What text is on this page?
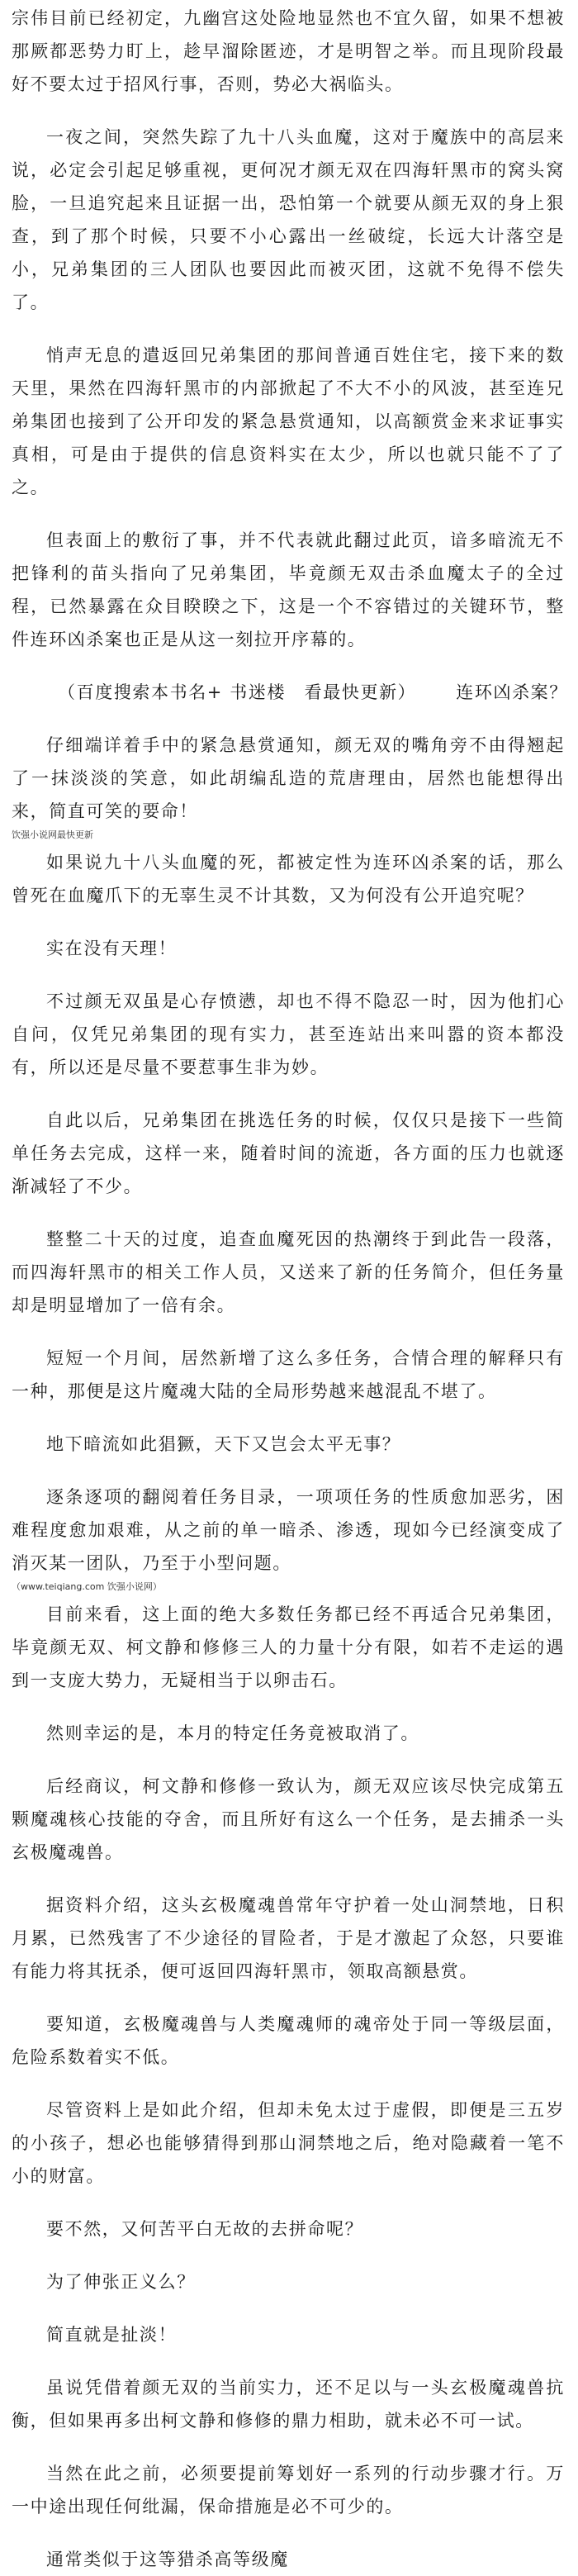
宗伟目前已经初定，九幽宫这处险地显然也不宜久留，如果不想被那厥都恶势力盯上，趁早溜除匿迹，才是明智之举。而且现阶段最好不要太过于招风行事，否则，势必大祸临头。

一夜之间，突然失踪了九十八头血魔，这对于魔族中的高层来说，必定会引起足够重视，更何况才颜无双在四海轩黑市的窝头窝脸，一旦追究起来且证据一出，恐怕第一个就要从颜无双的身上狠查，到了那个时候，只要不小心露出一丝破绽，长远大计落空是小，兄弟集团的三人团队也要因此而被灭团，这就不免得不偿失了。

悄声无息的遣返回兄弟集团的那间普通百姓住宅，接下来的数天里，果然在四海轩黑市的内部掀起了不大不小的风波，甚至连兄弟集团也接到了公开印发的紧急悬赏通知，以高额赏金来求证事实真相，可是由于提供的信息资料实在太少，所以也就只能不了了之。

但表面上的敷衍了事，并不代表就此翻过此页，谙多暗流无不把锋利的苗头指向了兄弟集团，毕竟颜无双击杀血魔太子的全过程，已然暴露在众目睽睽之下，这是一个不容错过的关键环节，整件连环凶杀案也正是从这一刻拉开序幕的。

（百度搜索本书名+ 书迷楼　看最快更新） 连环凶杀案？

仔细端详着手中的紧急悬赏通知，颜无双的嘴角旁不由得翘起了一抹淡淡的笑意，如此胡编乱造的荒唐理由，居然也能想得出来，简直可笑的要命！

饮强小说网最快更新

如果说九十八头血魔的死，都被定性为连环凶杀案的话，那么曾死在血魔爪下的无辜生灵不计其数，又为何没有公开追究呢？

实在没有天理！

不过颜无双虽是心存愤懑，却也不得不隐忍一时，因为他扪心自问，仅凭兄弟集团的现有实力，甚至连站出来叫嚣的资本都没有，所以还是尽量不要惹事生非为妙。

自此以后，兄弟集团在挑选任务的时候，仅仅只是接下一些简单任务去完成，这样一来，随着时间的流逝，各方面的压力也就逐渐减轻了不少。

整整二十天的过度，追查血魔死因的热潮终于到此告一段落，而四海轩黑市的相关工作人员，又送来了新的任务简介，但任务量却是明显增加了一倍有余。

短短一个月间，居然新增了这么多任务，合情合理的解释只有一种，那便是这片魔魂大陆的全局形势越来越混乱不堪了。

地下暗流如此猖獗，天下又岂会太平无事？

逐条逐项的翻阅着任务目录，一项项任务的性质愈加恶劣，困难程度愈加艰难，从之前的单一暗杀、渗透，现如今已经演变成了消灭某一团队，乃至于小型问题。

（www.teiqiang.com 饮强小说网）

目前来看，这上面的绝大多数任务都已经不再适合兄弟集团，毕竟颜无双、柯文静和修修三人的力量十分有限，如若不走运的遇到一支庞大势力，无疑相当于以卵击石。

然则幸运的是，本月的特定任务竟被取消了。

后经商议，柯文静和修修一致认为，颜无双应该尽快完成第五颗魔魂核心技能的夺舍，而且所好有这么一个任务，是去捕杀一头玄极魔魂兽。

据资料介绍，这头玄极魔魂兽常年守护着一处山洞禁地，日积月累，已然残害了不少途径的冒险者，于是才激起了众怒，只要谁有能力将其抚杀，便可返回四海轩黑市，领取高额悬赏。

要知道，玄极魔魂兽与人类魔魂师的魂帝处于同一等级层面，危险系数着实不低。

尽管资料上是如此介绍，但却未免太过于虚假，即便是三五岁的小孩子，想必也能够猜得到那山洞禁地之后，绝对隐藏着一笔不小的财富。

要不然，又何苦平白无故的去拼命呢？

为了伸张正义么？

简直就是扯淡！

虽说凭借着颜无双的当前实力，还不足以与一头玄极魔魂兽抗衡，但如果再多出柯文静和修修的鼎力相助，就未必不可一试。

当然在此之前，必须要提前筹划好一系列的行动步骤才行。万一中途出现任何纰漏，保命措施是必不可少的。

通常类似于这等猎杀高等级魔
